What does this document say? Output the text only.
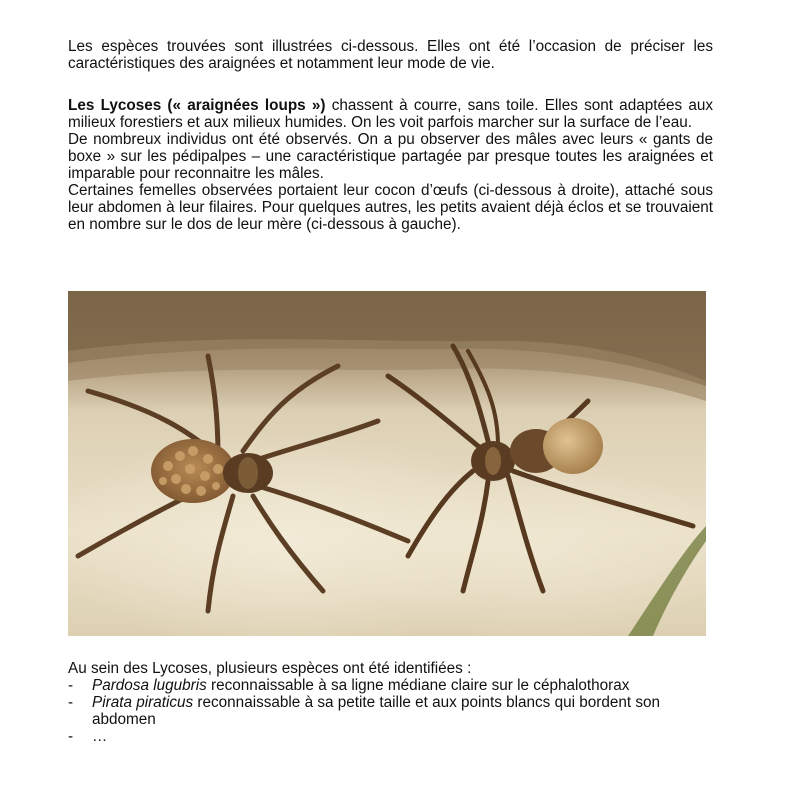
Les espèces trouvées sont illustrées ci-dessous. Elles ont été l’occasion de préciser les caractéristiques des araignées et notamment leur mode de vie.

Les Lycoses (« araignées loups ») chassent à courre, sans toile. Elles sont adaptées aux milieux forestiers et aux milieux humides. On les voit parfois marcher sur la surface de l’eau.

De nombreux individus ont été observés. On a pu observer des mâles avec leurs « gants de boxe » sur les pédipalpes – une caractéristique partagée par presque toutes les araignées et imparable pour reconnaitre les mâles.

Certaines femelles observées portaient leur cocon d’œufs (ci-dessous à droite), attaché sous leur abdomen à leur filaires. Pour quelques autres, les petits avaient déjà éclos et se trouvaient en nombre sur le dos de leur mère (ci-dessous à gauche).

Au sein des Lycoses, plusieurs espèces ont été identifiées :

- Pardosa lugubris reconnaissable à sa ligne médiane claire sur le céphalothorax
- Pirata piraticus reconnaissable à sa petite taille et aux points blancs qui bordent son abdomen
- …
